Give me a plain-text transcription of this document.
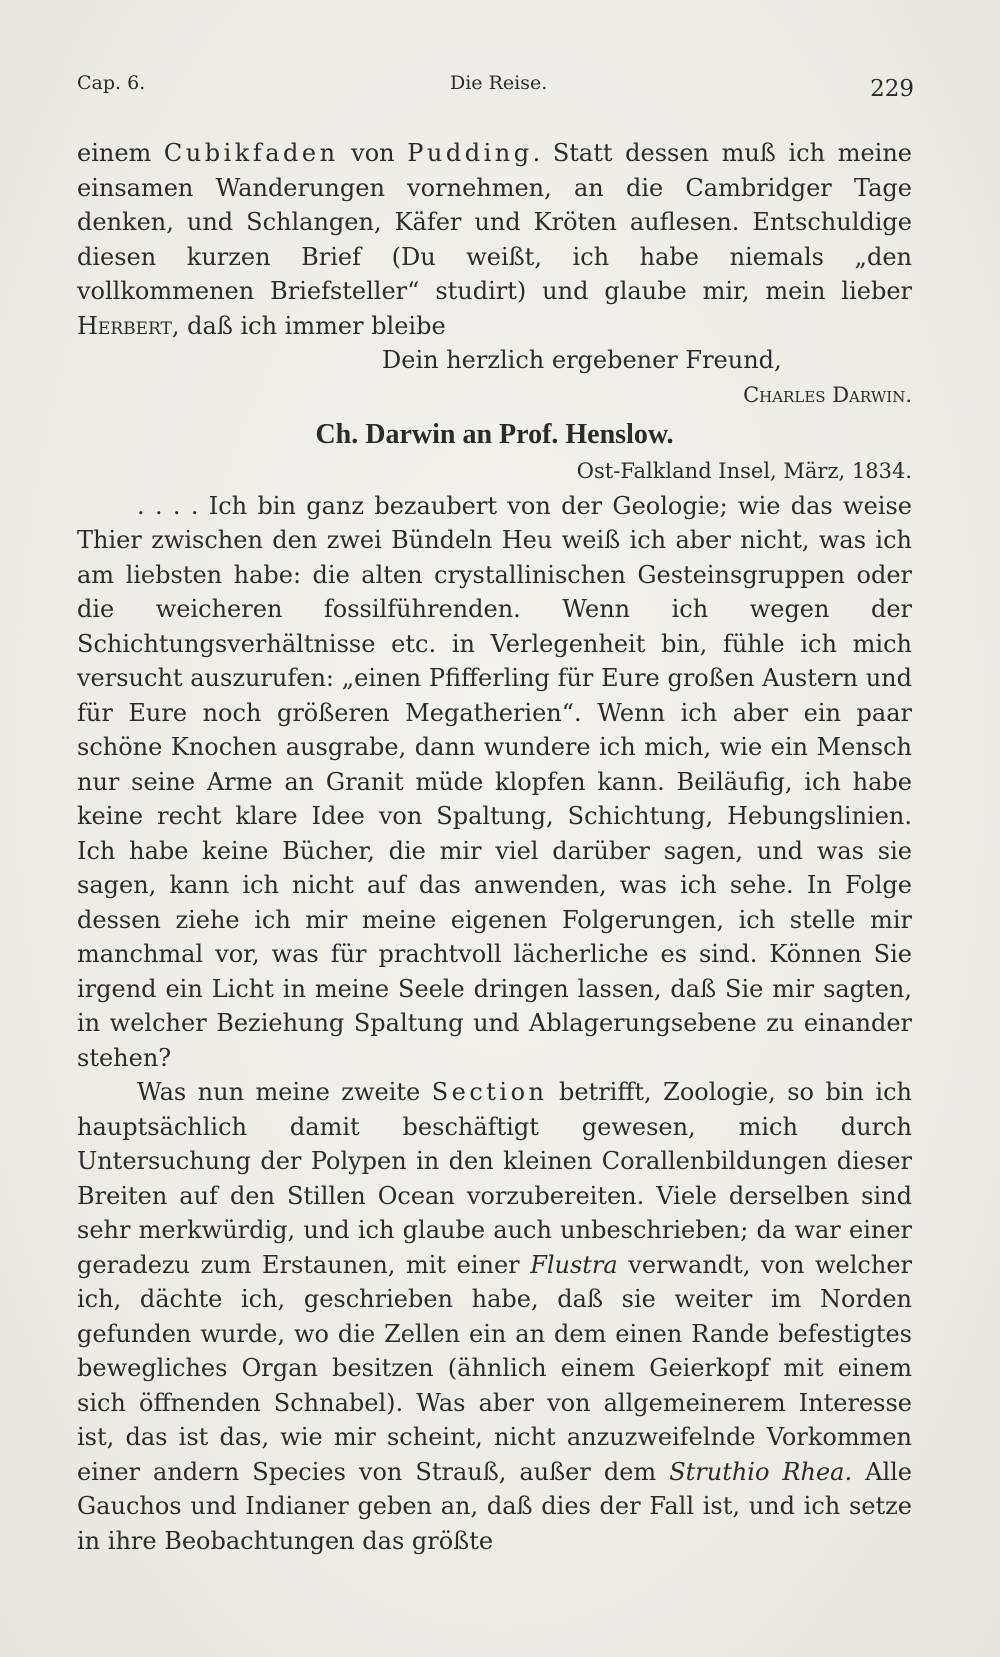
Cap. 6.	Die Reise.	229

einem Cubikfaden von Pudding. Statt dessen muß ich meine einsamen Wanderungen vornehmen, an die Cambridger Tage denken, und Schlangen, Käfer und Kröten auflesen. Entschuldige diesen kurzen Brief (Du weißt, ich habe niemals „den vollkommenen Briefsteller“ studirt) und glaube mir, mein lieber Herbert, daß ich immer bleibe

Dein herzlich ergebener Freund,

Charles Darwin.

Ch. Darwin an Prof. Henslow.

Ost-Falkland Insel, März, 1834.

. . . . Ich bin ganz bezaubert von der Geologie; wie das weise Thier zwischen den zwei Bündeln Heu weiß ich aber nicht, was ich am liebsten habe: die alten crystallinischen Gesteinsgruppen oder die weicheren fossilführenden. Wenn ich wegen der Schichtungsverhältnisse etc. in Verlegenheit bin, fühle ich mich versucht auszurufen: „einen Pfifferling für Eure großen Austern und für Eure noch größeren Megatherien“. Wenn ich aber ein paar schöne Knochen ausgrabe, dann wundere ich mich, wie ein Mensch nur seine Arme an Granit müde klopfen kann. Beiläufig, ich habe keine recht klare Idee von Spaltung, Schichtung, Hebungslinien. Ich habe keine Bücher, die mir viel darüber sagen, und was sie sagen, kann ich nicht auf das anwenden, was ich sehe. In Folge dessen ziehe ich mir meine eigenen Folgerungen, ich stelle mir manchmal vor, was für prachtvoll lächerliche es sind. Können Sie irgend ein Licht in meine Seele dringen lassen, daß Sie mir sagten, in welcher Beziehung Spaltung und Ablagerungsebene zu einander stehen?

Was nun meine zweite Section betrifft, Zoologie, so bin ich hauptsächlich damit beschäftigt gewesen, mich durch Untersuchung der Polypen in den kleinen Corallenbildungen dieser Breiten auf den Stillen Ocean vorzubereiten. Viele derselben sind sehr merkwürdig, und ich glaube auch unbeschrieben; da war einer geradezu zum Erstaunen, mit einer Flustra verwandt, von welcher ich, dächte ich, geschrieben habe, daß sie weiter im Norden gefunden wurde, wo die Zellen ein an dem einen Rande befestigtes bewegliches Organ besitzen (ähnlich einem Geierkopf mit einem sich öffnenden Schnabel). Was aber von allgemeinerem Interesse ist, das ist das, wie mir scheint, nicht anzuzweifelnde Vorkommen einer andern Species von Strauß, außer dem Struthio Rhea. Alle Gauchos und Indianer geben an, daß dies der Fall ist, und ich setze in ihre Beobachtungen das größte
